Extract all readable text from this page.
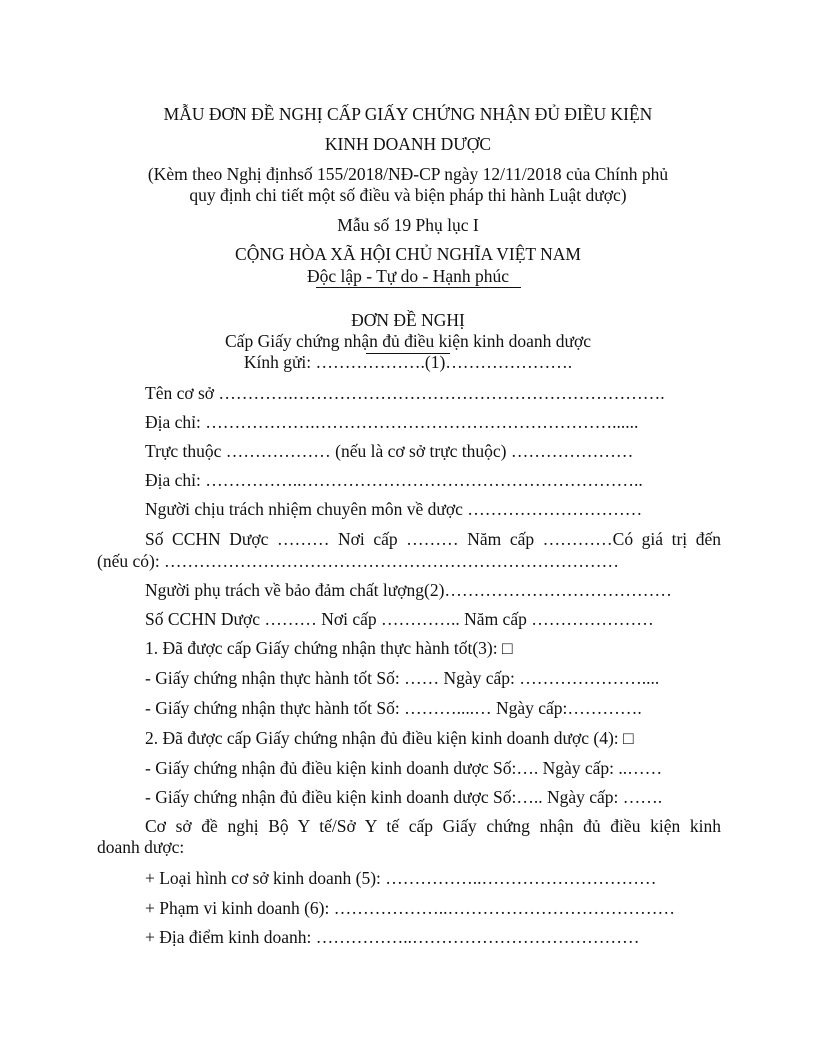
MẪU ĐƠN ĐỀ NGHỊ CẤP GIẤY CHỨNG NHẬN ĐỦ ĐIỀU KIỆN
KINH DOANH DƯỢC
(Kèm theo Nghị địnhsố 155/2018/NĐ-CP ngày 12/11/2018 của Chính phủ
quy định chi tiết một số điều và biện pháp thi hành Luật dược)
Mẫu số 19 Phụ lục I
CỘNG HÒA XÃ HỘI CHỦ NGHĨA VIỆT NAM
Độc lập - Tự do - Hạnh phúc
ĐƠN ĐỀ NGHỊ
Cấp Giấy chứng nhận đủ điều kiện kinh doanh dược
Kính gửi: ……………….(1)………………….
Tên cơ sở ………….……………………………………………………….
Địa chỉ: ……………….……………………………………………......
Trực thuộc ……………… (nếu là cơ sở trực thuộc) …………………
Địa chỉ: ……………..…………………………………………………..
Người chịu trách nhiệm chuyên môn về dược …………………………
Số CCHN Dược ……… Nơi cấp ……… Năm cấp …………Có giá trị đến
(nếu có): ……………………………………………………………………
Người phụ trách về bảo đảm chất lượng(2)…………………………………
Số CCHN Dược ……… Nơi cấp ………….. Năm cấp …………………
1. Đã được cấp Giấy chứng nhận thực hành tốt(3): □
- Giấy chứng nhận thực hành tốt Số: …… Ngày cấp: …………………....
- Giấy chứng nhận thực hành tốt Số: ………....… Ngày cấp:………….
2. Đã được cấp Giấy chứng nhận đủ điều kiện kinh doanh dược (4): □
- Giấy chứng nhận đủ điều kiện kinh doanh dược Số:…. Ngày cấp: ..……
- Giấy chứng nhận đủ điều kiện kinh doanh dược Số:….. Ngày cấp: …….
Cơ sở đề nghị Bộ Y tế/Sở Y tế cấp Giấy chứng nhận đủ điều kiện kinh
doanh dược:
+ Loại hình cơ sở kinh doanh (5): ……………..…………………………
+ Phạm vi kinh doanh (6): ………………..…………………………………
+ Địa điểm kinh doanh: ……………..…………………………………
